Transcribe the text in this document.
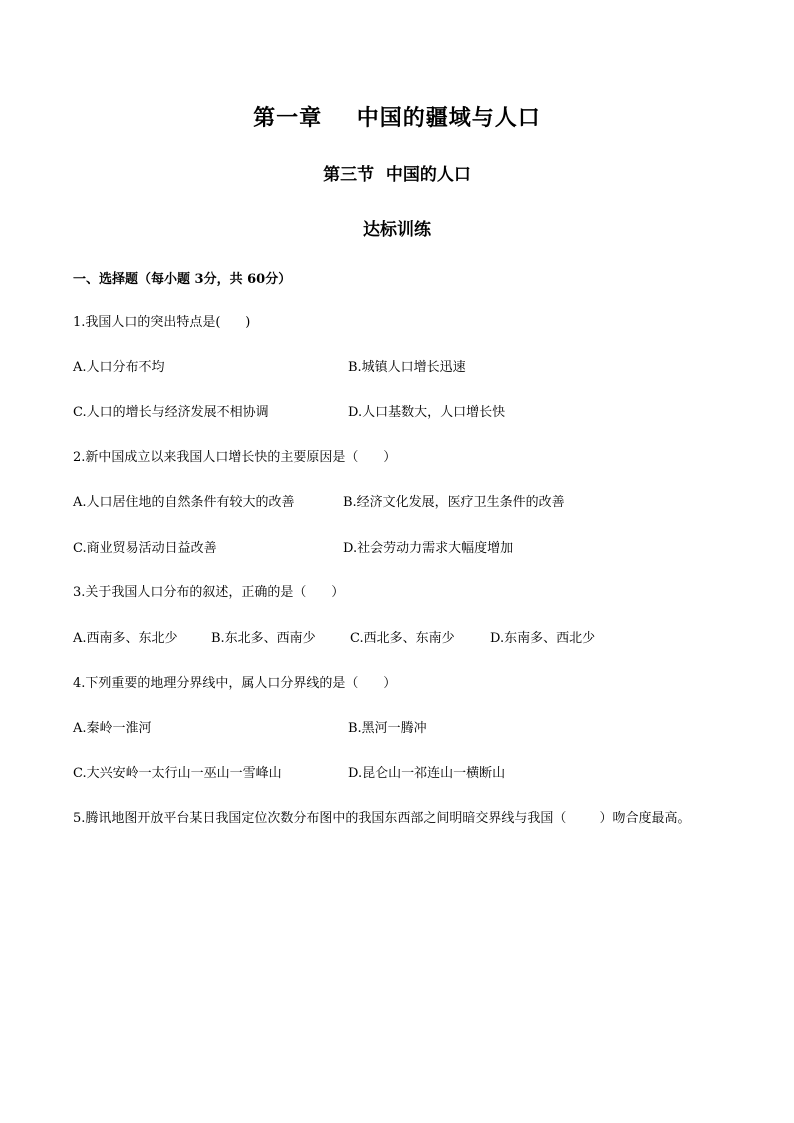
第一章    中国的疆域与人口
第三节  中国的人口
达标训练
一、选择题（每小题 3分，共 60分）
1.我国人口的突出特点是(      )
A.人口分布不均	B.城镇人口增长迅速
C.人口的增长与经济发展不相协调	D.人口基数大，人口增长快
2.新中国成立以来我国人口增长快的主要原因是（      ）
A.人口居住地的自然条件有较大的改善	B.经济文化发展，医疗卫生条件的改善
C.商业贸易活动日益改善	D.社会劳动力需求大幅度增加
3.关于我国人口分布的叙述，正确的是（      ）
A.西南多、东北少	B.东北多、西南少	C.西北多、东南少	D.东南多、西北少
4.下列重要的地理分界线中，属人口分界线的是（      ）
A.秦岭一淮河	B.黑河一腾冲
C.大兴安岭一太行山一巫山一雪峰山	D.昆仑山一祁连山一横断山
5.腾讯地图开放平台某日我国定位次数分布图中的我国东西部之间明暗交界线与我国（        ）吻合度最高。
